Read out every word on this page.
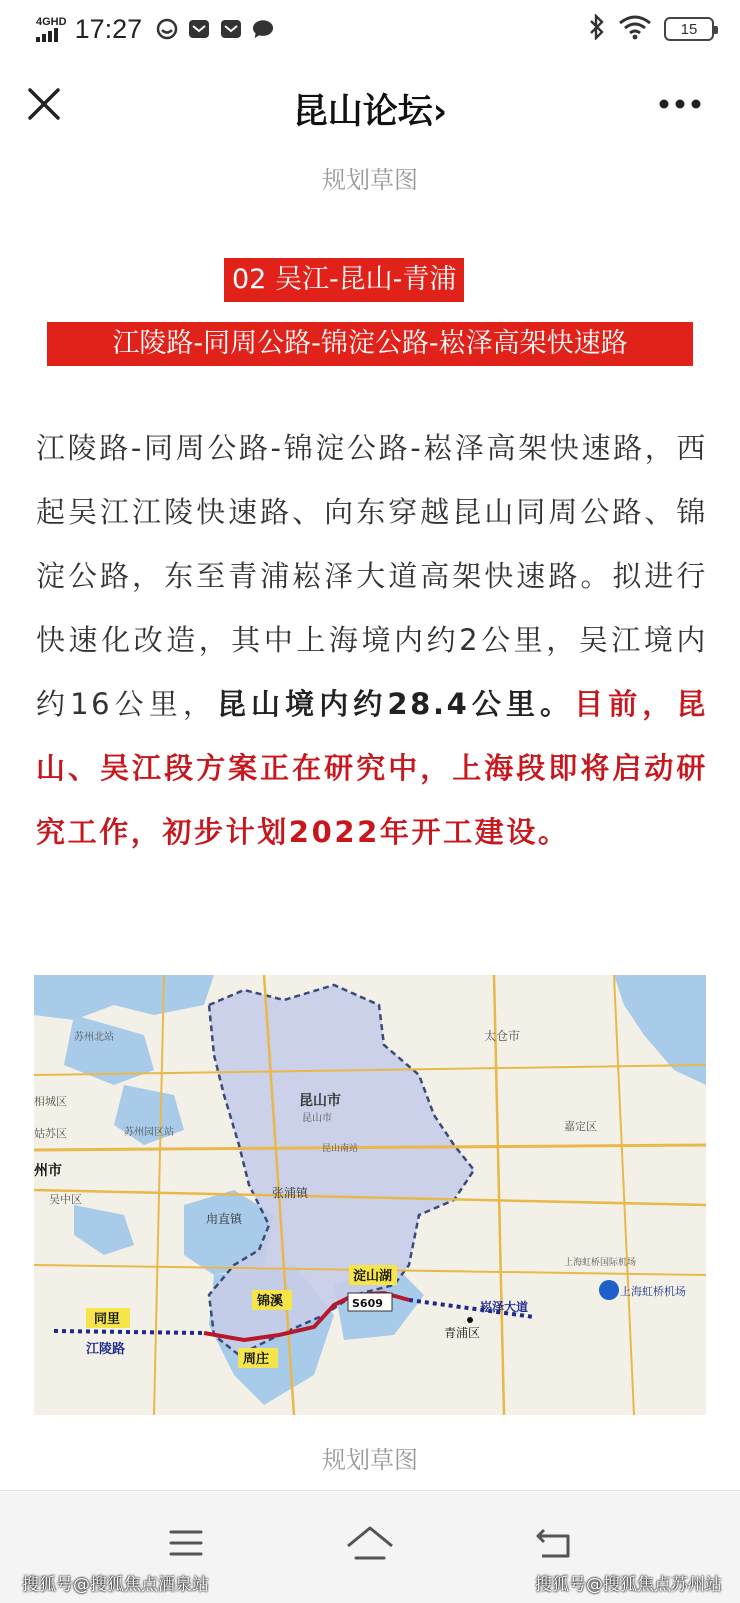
4GHD 17:27	15
昆山论坛›
规划草图
02 吴江-昆山-青浦
江陵路-同周公路-锦淀公路-崧泽高架快速路
江陵路-同周公路-锦淀公路-崧泽高架快速路，西起吴江江陵快速路、向东穿越昆山同周公路、锦淀公路，东至青浦崧泽大道高架快速路。拟进行快速化改造，其中上海境内约2公里，吴江境内约16公里，昆山境内约28.4公里。目前，昆山、吴江段方案正在研究中，上海段即将启动研究工作，初步计划2022年开工建设。
上海虹桥机场
上海虹桥国际机场
昆山市
昆山市
昆山南站
张浦镇
甪直镇
苏州北站
相城区
姑苏区
州市
吴中区
苏州园区站
太仓市
嘉定区
淀山湖
锦溪
周庄
同里
S609
江陵路
崧泽大道
青浦区
规划草图
搜狐号@搜狐焦点酒泉站	搜狐号@搜狐焦点苏州站
